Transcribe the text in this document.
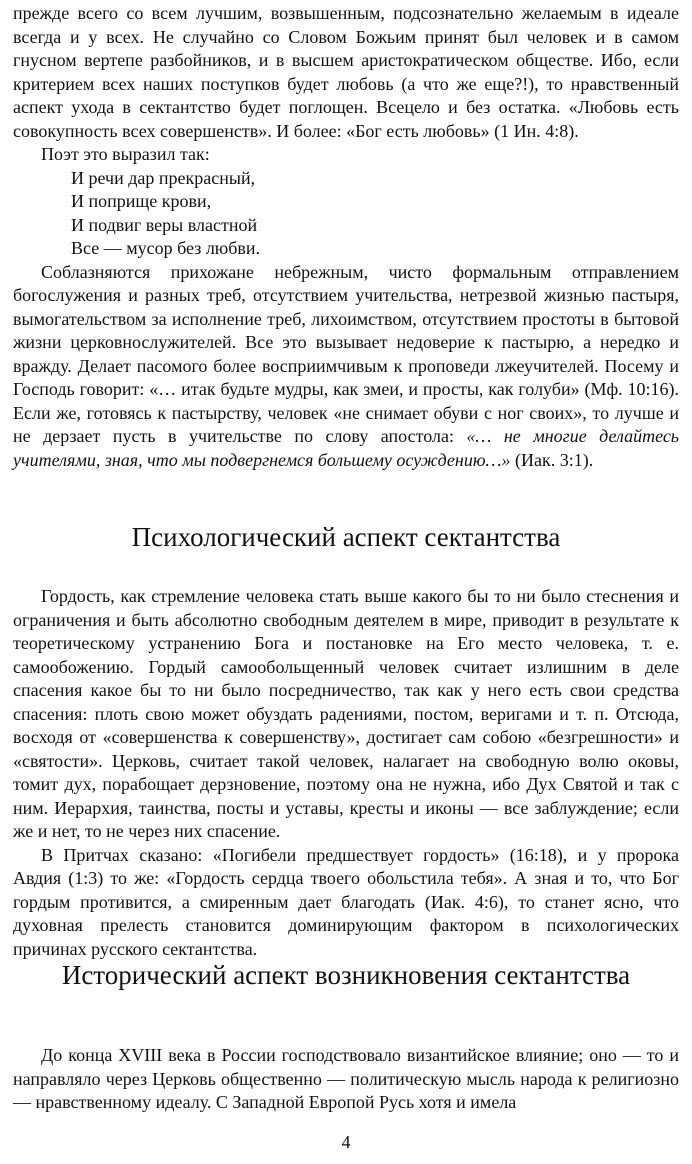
прежде всего со всем лучшим, возвышенным, подсознательно желаемым в идеале всегда и у всех. Не случайно со Словом Божьим принят был человек и в самом гнусном вертепе разбойников, и в высшем аристократическом обществе. Ибо, если критерием всех наших поступков будет любовь (а что же еще?!), то нравственный аспект ухода в сектантство будет поглощен. Всецело и без остатка. «Любовь есть совокупность всех совершенств». И более: «Бог есть любовь» (1 Ин. 4:8).

Поэт это выразил так:

И речи дар прекрасный,
И поприще крови,
И подвиг веры властной
Все — мусор без любви.

Соблазняются прихожане небрежным, чисто формальным отправлением богослужения и разных треб, отсутствием учительства, нетрезвой жизнью пастыря, вымогательством за исполнение треб, лихоимством, отсутствием простоты в бытовой жизни церковнослужителей. Все это вызывает недоверие к пастырю, а нередко и вражду. Делает пасомого более восприимчивым к проповеди лжеучителей. Посему и Господь говорит: «… итак будьте мудры, как змеи, и просты, как голуби» (Мф. 10:16). Если же, готовясь к пастырству, человек «не снимает обуви с ног своих», то лучше и не дерзает пусть в учительстве по слову апостола: «… не многие делайтесь учителями, зная, что мы подвергнемся большему осуждению…» (Иак. 3:1).

Психологический аспект сектантства

Гордость, как стремление человека стать выше какого бы то ни было стеснения и ограничения и быть абсолютно свободным деятелем в мире, приводит в результате к теоретическому устранению Бога и постановке на Его место человека, т. е. самообожению. Гордый самообольщенный человек считает излишним в деле спасения какое бы то ни было посредничество, так как у него есть свои средства спасения: плоть свою может обуздать радениями, постом, веригами и т. п. Отсюда, восходя от «совершенства к совершенству», достигает сам собою «безгрешности» и «святости». Церковь, считает такой человек, налагает на свободную волю оковы, томит дух, порабощает дерзновение, поэтому она не нужна, ибо Дух Святой и так с ним. Иерархия, таинства, посты и уставы, кресты и иконы — все заблуждение; если же и нет, то не через них спасение.

В Притчах сказано: «Погибели предшествует гордость» (16:18), и у пророка Авдия (1:3) то же: «Гордость сердца твоего обольстила тебя». А зная и то, что Бог гордым противится, а смиренным дает благодать (Иак. 4:6), то станет ясно, что духовная прелесть становится доминирующим фактором в психологических причинах русского сектантства.

Исторический аспект возникновения сектантства

До конца XVIII века в России господствовало византийское влияние; оно — то и направляло через Церковь общественно — политическую мысль народа к религиозно — нравственному идеалу. С Западной Европой Русь хотя и имела

4
